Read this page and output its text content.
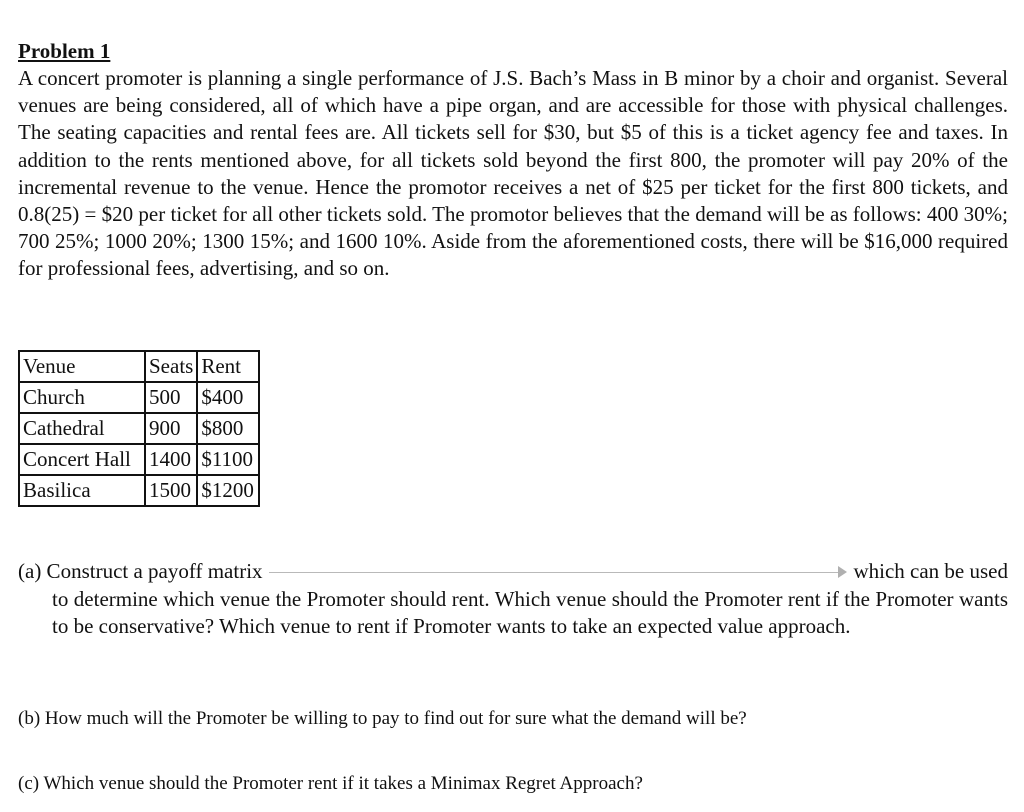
Problem 1

A concert promoter is planning a single performance of J.S. Bach’s Mass in B minor by a choir and organist. Several venues are being considered, all of which have a pipe organ, and are accessible for those with physical challenges. The seating capacities and rental fees are. All tickets sell for $30, but $5 of this is a ticket agency fee and taxes. In addition to the rents mentioned above, for all tickets sold beyond the first 800, the promoter will pay 20% of the incremental revenue to the venue. Hence the promotor receives a net of $25 per ticket for the first 800 tickets, and 0.8(25) = $20 per ticket for all other tickets sold. The promotor believes that the demand will be as follows: 400 30%; 700 25%; 1000 20%; 1300 15%; and 1600 10%. Aside from the aforementioned costs, there will be $16,000 required for professional fees, advertising, and so on.

Venue	Seats	Rent
Church	500	$400
Cathedral	900	$800
Concert Hall	1400	$1100
Basilica	1500	$1200
(a) Construct a payoff matrix	which can be used
to determine which venue the Promoter should rent. Which venue should the Promoter rent if the Promoter wants to be conservative? Which venue to rent if Promoter wants to take an expected value approach.

(b) How much will the Promoter be willing to pay to find out for sure what the demand will be?

(c) Which venue should the Promoter rent if it takes a Minimax Regret Approach?
